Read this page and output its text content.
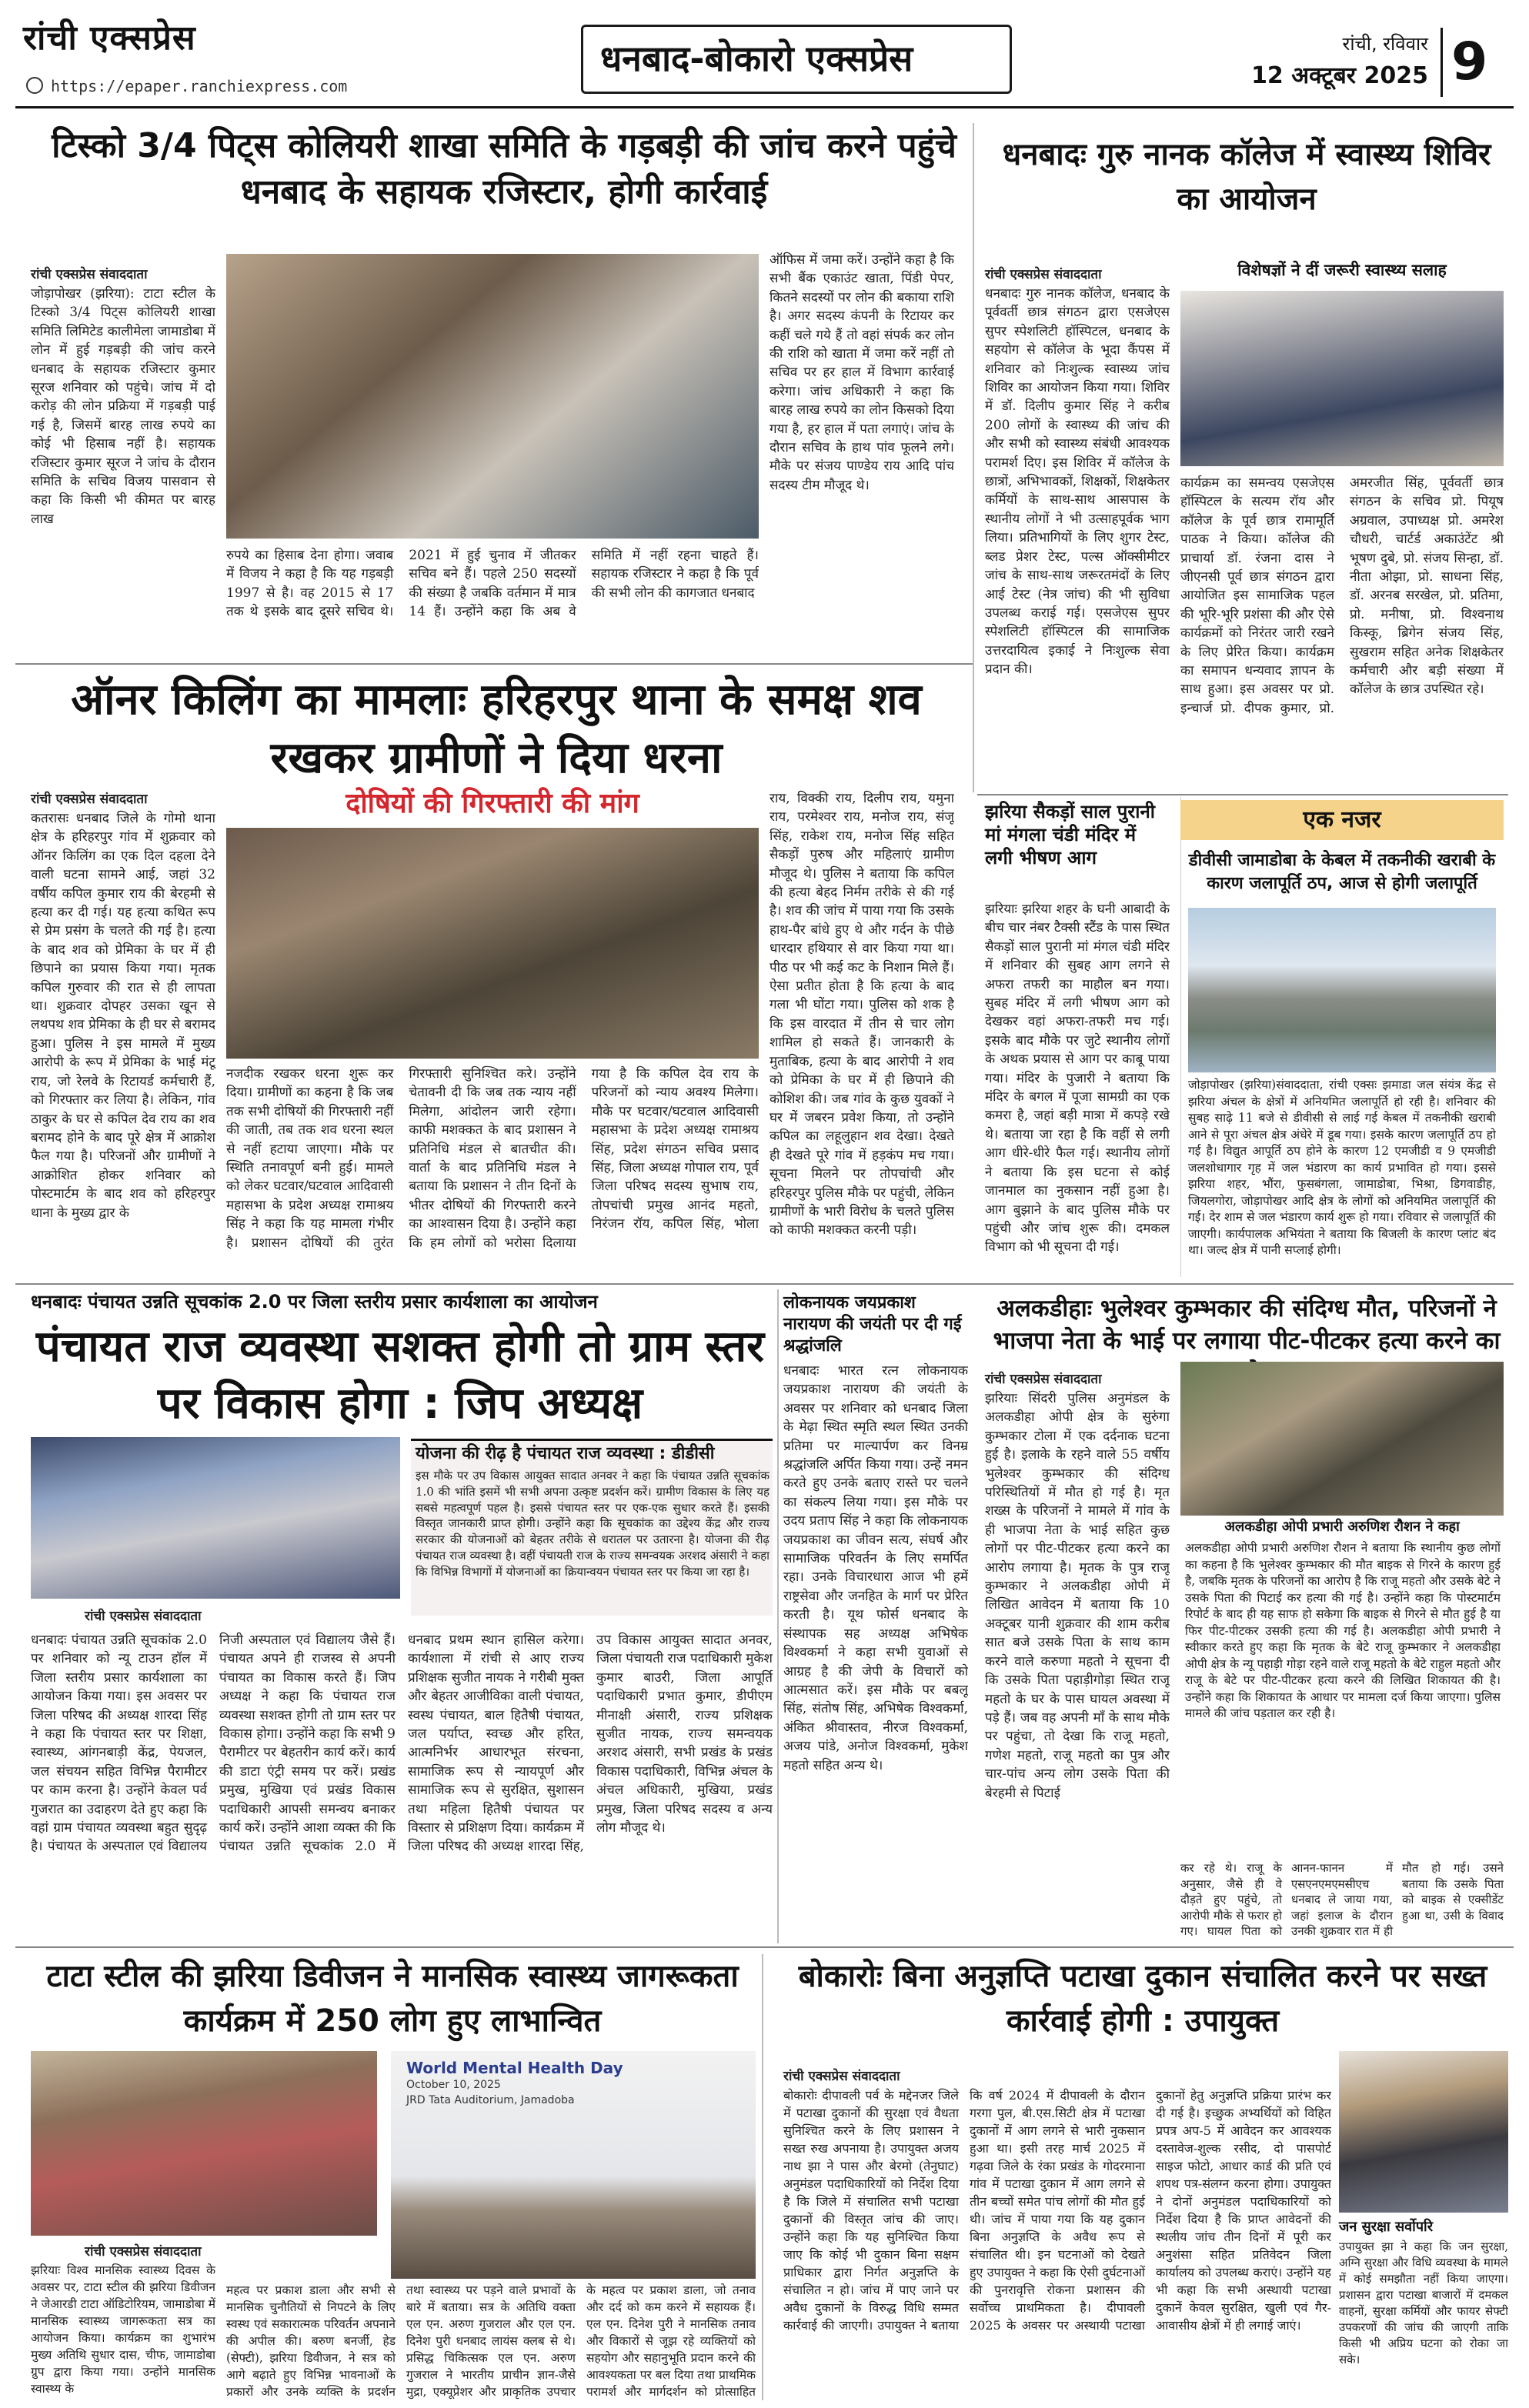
रांची एक्सप्रेस
https://epaper.ranchiexpress.com
धनबाद-बोकारो एक्सप्रेस	रांची, रविवार
12 अक्टूबर 2025 9
टिस्को 3/4 पिट्स कोलियरी शाखा समिति के गड़बड़ी की जांच करने पहुंचे धनबाद के सहायक रजिस्टार, होगी कार्रवाई
रांची एक्सप्रेस संवाददाता
जोड़ापोखर (झरिया): टाटा स्टील के टिस्को 3/4 पिट्स कोलियरी शाखा समिति लिमिटेड कालीमेला जामाडोबा में लोन में हुई गड़बड़ी की जांच करने धनबाद के सहायक रजिस्टार कुमार सूरज शनिवार को पहुंचे। जांच में दो करोड़ की लोन प्रक्रिया में गड़बड़ी पाई गई है, जिसमें बारह लाख रुपये का कोई भी हिसाब नहीं है। सहायक रजिस्टार कुमार सूरज ने जांच के दौरान समिति के सचिव विजय पासवान से कहा कि किसी भी कीमत पर बारह लाख
रुपये का हिसाब देना होगा। जवाब में विजय ने कहा है कि यह गड़बड़ी 1997 से है। वह 2015 से 17 तक थे इसके बाद दूसरे सचिव थे। 2021 में हुई चुनाव में जीतकर सचिव बने हैं। पहले 250 सदस्यों की संख्या है जबकि वर्तमान में मात्र 14 हैं। उन्होंने कहा कि अब वे समिति में नहीं रहना चाहते हैं। सहायक रजिस्टार ने कहा है कि पूर्व की सभी लोन की कागजात धनबाद
ऑफिस में जमा करें। उन्होंने कहा है कि सभी बैंक एकाउंट खाता, पिंडी पेपर, कितने सदस्यों पर लोन की बकाया राशि है। अगर सदस्य कंपनी के रिटायर कर कहीं चले गये हैं तो वहां संपर्क कर लोन की राशि को खाता में जमा करें नहीं तो सचिव पर हर हाल में विभाग कार्रवाई करेगा। जांच अधिकारी ने कहा कि बारह लाख रुपये का लोन किसको दिया गया है, हर हाल में पता लगाएं। जांच के दौरान सचिव के हाथ पांव फूलने लगे। मौके पर संजय पाण्डेय राय आदि पांच सदस्य टीम मौजूद थे।
धनबादः गुरु नानक कॉलेज में स्वास्थ्य शिविर का आयोजन
रांची एक्सप्रेस संवाददाता
धनबादः गुरु नानक कॉलेज, धनबाद के पूर्ववर्ती छात्र संगठन द्वारा एसजेएस सुपर स्पेशलिटी हॉस्पिटल, धनबाद के सहयोग से कॉलेज के भूदा कैंपस में शनिवार को निःशुल्क स्वास्थ्य जांच शिविर का आयोजन किया गया। शिविर में डॉ. दिलीप कुमार सिंह ने करीब 200 लोगों के स्वास्थ्य की जांच की और सभी को स्वास्थ्य संबंधी आवश्यक परामर्श दिए। इस शिविर में कॉलेज के छात्रों, अभिभावकों, शिक्षकों, शिक्षकेतर कर्मियों के साथ-साथ आसपास के स्थानीय लोगों ने भी उत्साहपूर्वक भाग लिया। प्रतिभागियों के लिए शुगर टेस्ट, ब्लड प्रेशर टेस्ट, पल्स ऑक्सीमीटर जांच के साथ-साथ जरूरतमंदों के लिए आई टेस्ट (नेत्र जांच) की भी सुविधा उपलब्ध कराई गई। एसजेएस सुपर स्पेशलिटी हॉस्पिटल की सामाजिक उत्तरदायित्व इकाई ने निःशुल्क सेवा प्रदान की।
विशेषज्ञों ने दीं जरूरी स्वास्थ्य सलाह
कार्यक्रम का समन्वय एसजेएस हॉस्पिटल के सत्यम रॉय और कॉलेज के पूर्व छात्र रामामूर्ति पाठक ने किया। कॉलेज की प्राचार्या डॉ. रंजना दास ने जीएनसी पूर्व छात्र संगठन द्वारा आयोजित इस सामाजिक पहल की भूरि-भूरि प्रशंसा की और ऐसे कार्यक्रमों को निरंतर जारी रखने के लिए प्रेरित किया। कार्यक्रम का समापन धन्यवाद ज्ञापन के साथ हुआ। इस अवसर पर प्रो. इन्चार्ज प्रो. दीपक कुमार, प्रो. अमरजीत सिंह, पूर्ववर्ती छात्र संगठन के सचिव प्रो. पियूष अग्रवाल, उपाध्यक्ष प्रो. अमरेश चौधरी, चार्टर्ड अकाउंटेंट श्री भूषण दुबे, प्रो. संजय सिन्हा, डॉ. नीता ओझा, प्रो. साधना सिंह, डॉ. अरनब सरखेल, प्रो. प्रतिमा, प्रो. मनीषा, प्रो. विश्वनाथ किस्कू, ब्रिगेन संजय सिंह, सुखराम सहित अनेक शिक्षकेतर कर्मचारी और बड़ी संख्या में कॉलेज के छात्र उपस्थित रहे।
ऑनर किलिंग का मामलाः हरिहरपुर थाना के समक्ष शव रखकर ग्रामीणों ने दिया धरना
रांची एक्सप्रेस संवाददाता
कतरासः धनबाद जिले के गोमो थाना क्षेत्र के हरिहरपुर गांव में शुक्रवार को ऑनर किलिंग का एक दिल दहला देने वाली घटना सामने आई, जहां 32 वर्षीय कपिल कुमार राय की बेरहमी से हत्या कर दी गई। यह हत्या कथित रूप से प्रेम प्रसंग के चलते की गई है। हत्या के बाद शव को प्रेमिका के घर में ही छिपाने का प्रयास किया गया। मृतक कपिल गुरुवार की रात से ही लापता था। शुक्रवार दोपहर उसका खून से लथपथ शव प्रेमिका के ही घर से बरामद हुआ। पुलिस ने इस मामले में मुख्य आरोपी के रूप में प्रेमिका के भाई मंटू राय, जो रेलवे के रिटायर्ड कर्मचारी हैं, को गिरफ्तार कर लिया है। लेकिन, गांव ठाकुर के घर से कपिल देव राय का शव बरामद होने के बाद पूरे क्षेत्र में आक्रोश फैल गया है। परिजनों और ग्रामीणों ने आक्रोशित होकर शनिवार को पोस्टमार्टम के बाद शव को हरिहरपुर थाना के मुख्य द्वार के
दोषियों की गिरफ्तारी की मांग
नजदीक रखकर धरना शुरू कर दिया। ग्रामीणों का कहना है कि जब तक सभी दोषियों की गिरफ्तारी नहीं की जाती, तब तक शव धरना स्थल से नहीं हटाया जाएगा। मौके पर स्थिति तनावपूर्ण बनी हुई। मामले को लेकर घटवार/घटवाल आदिवासी महासभा के प्रदेश अध्यक्ष रामाश्रय सिंह ने कहा कि यह मामला गंभीर है। प्रशासन दोषियों की तुरंत गिरफ्तारी सुनिश्चित करे। उन्होंने चेतावनी दी कि जब तक न्याय नहीं मिलेगा, आंदोलन जारी रहेगा। काफी मशक्कत के बाद प्रशासन ने प्रतिनिधि मंडल से बातचीत की। वार्ता के बाद प्रतिनिधि मंडल ने बताया कि प्रशासन ने तीन दिनों के भीतर दोषियों की गिरफ्तारी करने का आश्वासन दिया है। उन्होंने कहा कि हम लोगों को भरोसा दिलाया गया है कि कपिल देव राय के परिजनों को न्याय अवश्य मिलेगा। मौके पर घटवार/घटवाल आदिवासी महासभा के प्रदेश अध्यक्ष रामाश्रय सिंह, प्रदेश संगठन सचिव प्रसाद सिंह, जिला अध्यक्ष गोपाल राय, पूर्व जिला परिषद सदस्य सुभाष राय, तोपचांची प्रमुख आनंद महतो, निरंजन रॉय, कपिल सिंह, भोला
राय, विक्की राय, दिलीप राय, यमुना राय, परमेश्वर राय, मनोज राय, संजू सिंह, राकेश राय, मनोज सिंह सहित सैकड़ों पुरुष और महिलाएं ग्रामीण मौजूद थे। पुलिस ने बताया कि कपिल की हत्या बेहद निर्मम तरीके से की गई है। शव की जांच में पाया गया कि उसके हाथ-पैर बांधे हुए थे और गर्दन के पीछे धारदार हथियार से वार किया गया था। पीठ पर भी कई कट के निशान मिले हैं। ऐसा प्रतीत होता है कि हत्या के बाद गला भी घोंटा गया। पुलिस को शक है कि इस वारदात में तीन से चार लोग शामिल हो सकते हैं। जानकारी के मुताबिक, हत्या के बाद आरोपी ने शव को प्रेमिका के घर में ही छिपाने की कोशिश की। जब गांव के कुछ युवकों ने घर में जबरन प्रवेश किया, तो उन्होंने कपिल का लहूलुहान शव देखा। देखते ही देखते पूरे गांव में हड़कंप मच गया। सूचना मिलने पर तोपचांची और हरिहरपुर पुलिस मौके पर पहुंची, लेकिन ग्रामीणों के भारी विरोध के चलते पुलिस को काफी मशक्कत करनी पड़ी।
झरिया सैकड़ों साल पुरानी मां मंगला चंडी मंदिर में लगी भीषण आग
झरियाः झरिया शहर के घनी आबादी के बीच चार नंबर टैक्सी स्टैंड के पास स्थित सैकड़ों साल पुरानी मां मंगल चंडी मंदिर में शनिवार की सुबह आग लगने से अफरा तफरी का माहौल बन गया। सुबह मंदिर में लगी भीषण आग को देखकर वहां अफरा-तफरी मच गई। इसके बाद मौके पर जुटे स्थानीय लोगों के अथक प्रयास से आग पर काबू पाया गया। मंदिर के पुजारी ने बताया कि मंदिर के बगल में पूजा सामग्री का एक कमरा है, जहां बड़ी मात्रा में कपड़े रखे थे। बताया जा रहा है कि वहीं से लगी आग धीरे-धीरे फैल गई। स्थानीय लोगों ने बताया कि इस घटना से कोई जानमाल का नुकसान नहीं हुआ है। आग बुझाने के बाद पुलिस मौके पर पहुंची और जांच शुरू की। दमकल विभाग को भी सूचना दी गई।
एक नजर
डीवीसी जामाडोबा के केबल में तकनीकी खराबी के कारण जलापूर्ति ठप, आज से होगी जलापूर्ति
जोड़ापोखर (झरिया)संवाददाता, रांची एक्सः झमाडा जल संयंत्र केंद्र से झरिया अंचल के क्षेत्रों में अनियमित जलापूर्ति हो रही है। शनिवार की सुबह साढ़े 11 बजे से डीवीसी से लाई गई केबल में तकनीकी खराबी आने से पूरा अंचल क्षेत्र अंधेरे में डूब गया। इसके कारण जलापूर्ति ठप हो गई है। विद्युत आपूर्ति ठप होने के कारण 12 एमजीडी व 9 एमजीडी जलशोधागार गृह में जल भंडारण का कार्य प्रभावित हो गया। इससे झरिया शहर, भौंरा, फुसबंगला, जामाडोबा, भिश्रा, डिगवाडीह, जियलगोरा, जोड़ापोखर आदि क्षेत्र के लोगों को अनियमित जलापूर्ति की गई। देर शाम से जल भंडारण कार्य शुरू हो गया। रविवार से जलापूर्ति की जाएगी। कार्यपालक अभियंता ने बताया कि बिजली के कारण प्लांट बंद था। जल्द क्षेत्र में पानी सप्लाई होगी।
धनबादः पंचायत उन्नति सूचकांक 2.0 पर जिला स्तरीय प्रसार कार्यशाला का आयोजन
पंचायत राज व्यवस्था सशक्त होगी तो ग्राम स्तर पर विकास होगा : जिप अध्यक्ष
रांची एक्सप्रेस संवाददाता
योजना की रीढ़ है पंचायत राज व्यवस्था : डीडीसी
इस मौके पर उप विकास आयुक्त सादात अनवर ने कहा कि पंचायत उन्नति सूचकांक 1.0 की भांति इसमें भी सभी अपना उत्कृष्ट प्रदर्शन करें। ग्रामीण विकास के लिए यह सबसे महत्वपूर्ण पहल है। इससे पंचायत स्तर पर एक-एक सुधार करते हैं। इसकी विस्तृत जानकारी प्राप्त होगी। उन्होंने कहा कि सूचकांक का उद्देश्य केंद्र और राज्य सरकार की योजनाओं को बेहतर तरीके से धरातल पर उतारना है। योजना की रीढ़ पंचायत राज व्यवस्था है। वहीं पंचायती राज के राज्य समन्वयक अरशद अंसारी ने कहा कि विभिन्न विभागों में योजनाओं का क्रियान्वयन पंचायत स्तर पर किया जा रहा है।
धनबादः पंचायत उन्नति सूचकांक 2.0 पर शनिवार को न्यू टाउन हॉल में जिला स्तरीय प्रसार कार्यशाला का आयोजन किया गया। इस अवसर पर जिला परिषद की अध्यक्ष शारदा सिंह ने कहा कि पंचायत स्तर पर शिक्षा, स्वास्थ्य, आंगनबाड़ी केंद्र, पेयजल, जल संचयन सहित विभिन्न पैरामीटर पर काम करना है। उन्होंने केवल पर्व गुजरात का उदाहरण देते हुए कहा कि वहां ग्राम पंचायत व्यवस्था बहुत सुदृढ़ है। पंचायत के अस्पताल एवं विद्यालय निजी अस्पताल एवं विद्यालय जैसे हैं। पंचायत अपने ही राजस्व से अपनी पंचायत का विकास करते हैं। जिप अध्यक्ष ने कहा कि पंचायत राज व्यवस्था सशक्त होगी तो ग्राम स्तर पर विकास होगा। उन्होंने कहा कि सभी 9 पैरामीटर पर बेहतरीन कार्य करें। कार्य की डाटा एंट्री समय पर करें। प्रखंड प्रमुख, मुखिया एवं प्रखंड विकास पदाधिकारी आपसी समन्वय बनाकर कार्य करें। उन्होंने आशा व्यक्त की कि पंचायत उन्नति सूचकांक 2.0 में धनबाद प्रथम स्थान हासिल करेगा। कार्यशाला में रांची से आए राज्य प्रशिक्षक सुजीत नायक ने गरीबी मुक्त और बेहतर आजीविका वाली पंचायत, स्वस्थ पंचायत, बाल हितैषी पंचायत, जल पर्याप्त, स्वच्छ और हरित, आत्मनिर्भर आधारभूत संरचना, सामाजिक रूप से न्यायपूर्ण और सामाजिक रूप से सुरक्षित, सुशासन तथा महिला हितैषी पंचायत पर विस्तार से प्रशिक्षण दिया। कार्यक्रम में जिला परिषद की अध्यक्ष शारदा सिंह, उप विकास आयुक्त सादात अनवर, जिला पंचायती राज पदाधिकारी मुकेश कुमार बाउरी, जिला आपूर्ति पदाधिकारी प्रभात कुमार, डीपीएम मीनाक्षी अंसारी, राज्य प्रशिक्षक सुजीत नायक, राज्य समन्वयक अरशद अंसारी, सभी प्रखंड के प्रखंड विकास पदाधिकारी, विभिन्न अंचल के अंचल अधिकारी, मुखिया, प्रखंड प्रमुख, जिला परिषद सदस्य व अन्य लोग मौजूद थे।
लोकनायक जयप्रकाश नारायण की जयंती पर दी गई श्रद्धांजलि
धनबादः भारत रत्न लोकनायक जयप्रकाश नारायण की जयंती के अवसर पर शनिवार को धनबाद जिला के मेढ़ा स्थित स्मृति स्थल स्थित उनकी प्रतिमा पर माल्यार्पण कर विनम्र श्रद्धांजलि अर्पित किया गया। उन्हें नमन करते हुए उनके बताए रास्ते पर चलने का संकल्प लिया गया। इस मौके पर उदय प्रताप सिंह ने कहा कि लोकनायक जयप्रकाश का जीवन सत्य, संघर्ष और सामाजिक परिवर्तन के लिए समर्पित रहा। उनके विचारधारा आज भी हमें राष्ट्रसेवा और जनहित के मार्ग पर प्रेरित करती है। यूथ फोर्स धनबाद के संस्थापक सह अध्यक्ष अभिषेक विश्वकर्मा ने कहा सभी युवाओं से आग्रह है की जेपी के विचारों को आत्मसात करें। इस मौके पर बबलू सिंह, संतोष सिंह, अभिषेक विश्वकर्मा, अंकित श्रीवास्तव, नीरज विश्वकर्मा, अजय पांडे, अनोज विश्वकर्मा, मुकेश महतो सहित अन्य थे।
अलकडीहाः भुलेश्वर कुम्भकार की संदिग्ध मौत, परिजनों ने भाजपा नेता के भाई पर लगाया पीट-पीटकर हत्या करने का
रांची एक्सप्रेस संवाददाता
झरियाः सिंदरी पुलिस अनुमंडल के अलकडीहा ओपी क्षेत्र के सुरुंगा कुम्भकार टोला में एक दर्दनाक घटना हुई है। इलाके के रहने वाले 55 वर्षीय भुलेश्वर कुम्भकार की संदिग्ध परिस्थितियों में मौत हो गई है। मृत शख्स के परिजनों ने मामले में गांव के ही भाजपा नेता के भाई सहित कुछ लोगों पर पीट-पीटकर हत्या करने का आरोप लगाया है। मृतक के पुत्र राजू कुम्भकार ने अलकडीहा ओपी में लिखित आवेदन में बताया कि 10 अक्टूबर यानी शुक्रवार की शाम करीब सात बजे उसके पिता के साथ काम करने वाले करुणा महतो ने सूचना दी कि उसके पिता पहाड़ीगोड़ा स्थित राजू महतो के घर के पास घायल अवस्था में पड़े हैं। जब वह अपनी माँ के साथ मौके पर पहुंचा, तो देखा कि राजू महतो, गणेश महतो, राजू महतो का पुत्र और चार-पांच अन्य लोग उसके पिता की बेरहमी से पिटाई
अलकडीहा ओपी प्रभारी अरुणिश रौशन ने कहा
अलकडीहा ओपी प्रभारी अरुणिश रौशन ने बताया कि स्थानीय कुछ लोगों का कहना है कि भुलेश्वर कुम्भकार की मौत बाइक से गिरने के कारण हुई है, जबकि मृतक के परिजनों का आरोप है कि राजू महतो और उसके बेटे ने उसके पिता की पिटाई कर हत्या की गई है। उन्होंने कहा कि पोस्टमार्टम रिपोर्ट के बाद ही यह साफ हो सकेगा कि बाइक से गिरने से मौत हुई है या फिर पीट-पीटकर उसकी हत्या की गई है। अलकडीहा ओपी प्रभारी ने स्वीकार करते हुए कहा कि मृतक के बेटे राजू कुम्भकार ने अलकडीहा ओपी क्षेत्र के न्यू पहाड़ी गोड़ा रहने वाले राजू महतो के बेटे राहुल महतो और राजू के बेटे पर पीट-पीटकर हत्या करने की लिखित शिकायत की है। उन्होंने कहा कि शिकायत के आधार पर मामला दर्ज किया जाएगा। पुलिस मामले की जांच पड़ताल कर रही है।
कर रहे थे। राजू के अनुसार, जैसे ही वे दौड़ते हुए पहुंचे, तो आरोपी मौके से फरार हो गए। घायल पिता को आनन-फानन में एसएनएमएमसीएच धनबाद ले जाया गया, जहां इलाज के दौरान उनकी शुक्रवार रात में ही मौत हो गई। उसने बताया कि उसके पिता को बाइक से एक्सीडेंट हुआ था, उसी के विवाद
टाटा स्टील की झरिया डिवीजन ने मानसिक स्वास्थ्य जागरूकता कार्यक्रम में 250 लोग हुए लाभान्वित
रांची एक्सप्रेस संवाददाता
World Mental Health Day
October 10, 2025
JRD Tata Auditorium, Jamadoba
झरियाः विश्व मानसिक स्वास्थ्य दिवस के अवसर पर, टाटा स्टील की झरिया डिवीजन ने जेआरडी टाटा ऑडिटोरियम, जामाडोबा में मानसिक स्वास्थ्य जागरूकता सत्र का आयोजन किया। कार्यक्रम का शुभारंभ मुख्य अतिथि सुधार दास, चीफ, जामाडोबा ग्रुप द्वारा किया गया। उन्होंने मानसिक स्वास्थ्य के
महत्व पर प्रकाश डाला और सभी से मानसिक चुनौतियों से निपटने के लिए स्वस्थ एवं सकारात्मक परिवर्तन अपनाने की अपील की। बरुण बनर्जी, हेड (सेफ्टी), झरिया डिवीजन, ने सत्र को आगे बढ़ाते हुए विभिन्न भावनाओं के प्रकारों और उनके व्यक्ति के प्रदर्शन तथा स्वास्थ्य पर पड़ने वाले प्रभावों के बारे में बताया। सत्र के अतिथि वक्ता एल एन. अरुण गुजराल और एल एन. दिनेश पुरी धनबाद लायंस क्लब से थे। प्रसिद्ध चिकित्सक एल एन. अरुण गुजराल ने भारतीय प्राचीन ज्ञान-जैसे मुद्रा, एक्यूप्रेशर और प्राकृतिक उपचार के महत्व पर प्रकाश डाला, जो तनाव और दर्द को कम करने में सहायक हैं। एल एन. दिनेश पुरी ने मानसिक तनाव और विकारों से जूझ रहे व्यक्तियों को सहयोग और सहानुभूति प्रदान करने की आवश्यकता पर बल दिया तथा प्राथमिक परामर्श और मार्गदर्शन को प्रोत्साहित
बोकारोः बिना अनुज्ञप्ति पटाखा दुकान संचालित करने पर सख्त कार्रवाई होगी : उपायुक्त
रांची एक्सप्रेस संवाददाता
बोकारोः दीपावली पर्व के मद्देनजर जिले में पटाखा दुकानों की सुरक्षा एवं वैधता सुनिश्चित करने के लिए प्रशासन ने सख्त रुख अपनाया है। उपायुक्त अजय नाथ झा ने पास और बेरमो (तेनुघाट) अनुमंडल पदाधिकारियों को निर्देश दिया है कि जिले में संचालित सभी पटाखा दुकानों की विस्तृत जांच की जाए। उन्होंने कहा कि यह सुनिश्चित किया जाए कि कोई भी दुकान बिना सक्षम प्राधिकार द्वारा निर्गत अनुज्ञप्ति के संचालित न हो। जांच में पाए जाने पर अवैध दुकानों के विरुद्ध विधि सम्मत कार्रवाई की जाएगी। उपायुक्त ने बताया कि वर्ष 2024 में दीपावली के दौरान गरगा पुल, बी.एस.सिटी क्षेत्र में पटाखा दुकानों में आग लगने से भारी नुकसान हुआ था। इसी तरह मार्च 2025 में गढ़वा जिले के रंका प्रखंड के गोदरमाना गांव में पटाखा दुकान में आग लगने से तीन बच्चों समेत पांच लोगों की मौत हुई थी। जांच में पाया गया कि यह दुकान बिना अनुज्ञप्ति के अवैध रूप से संचालित थी। इन घटनाओं को देखते हुए उपायुक्त ने कहा कि ऐसी दुर्घटनाओं की पुनरावृत्ति रोकना प्रशासन की सर्वोच्च प्राथमिकता है। दीपावली 2025 के अवसर पर अस्थायी पटाखा दुकानों हेतु अनुज्ञप्ति प्रक्रिया प्रारंभ कर दी गई है। इच्छुक अभ्यर्थियों को विहित प्रपत्र अप-5 में आवेदन कर आवश्यक दस्तावेज-शुल्क रसीद, दो पासपोर्ट साइज फोटो, आधार कार्ड की प्रति एवं शपथ पत्र-संलग्न करना होगा। उपायुक्त ने दोनों अनुमंडल पदाधिकारियों को निर्देश दिया है कि प्राप्त आवेदनों की स्थलीय जांच तीन दिनों में पूरी कर अनुशंसा सहित प्रतिवेदन जिला कार्यालय को उपलब्ध कराएं। उन्होंने यह भी कहा कि सभी अस्थायी पटाखा दुकानें केवल सुरक्षित, खुली एवं गैर-आवासीय क्षेत्रों में ही लगाई जाएं।
जन सुरक्षा सर्वोपरि
उपायुक्त झा ने कहा कि जन सुरक्षा, अग्नि सुरक्षा और विधि व्यवस्था के मामले में कोई समझौता नहीं किया जाएगा। प्रशासन द्वारा पटाखा बाजारों में दमकल वाहनों, सुरक्षा कर्मियों और फायर सेफ्टी उपकरणों की जांच की जाएगी ताकि किसी भी अप्रिय घटना को रोका जा सके।
